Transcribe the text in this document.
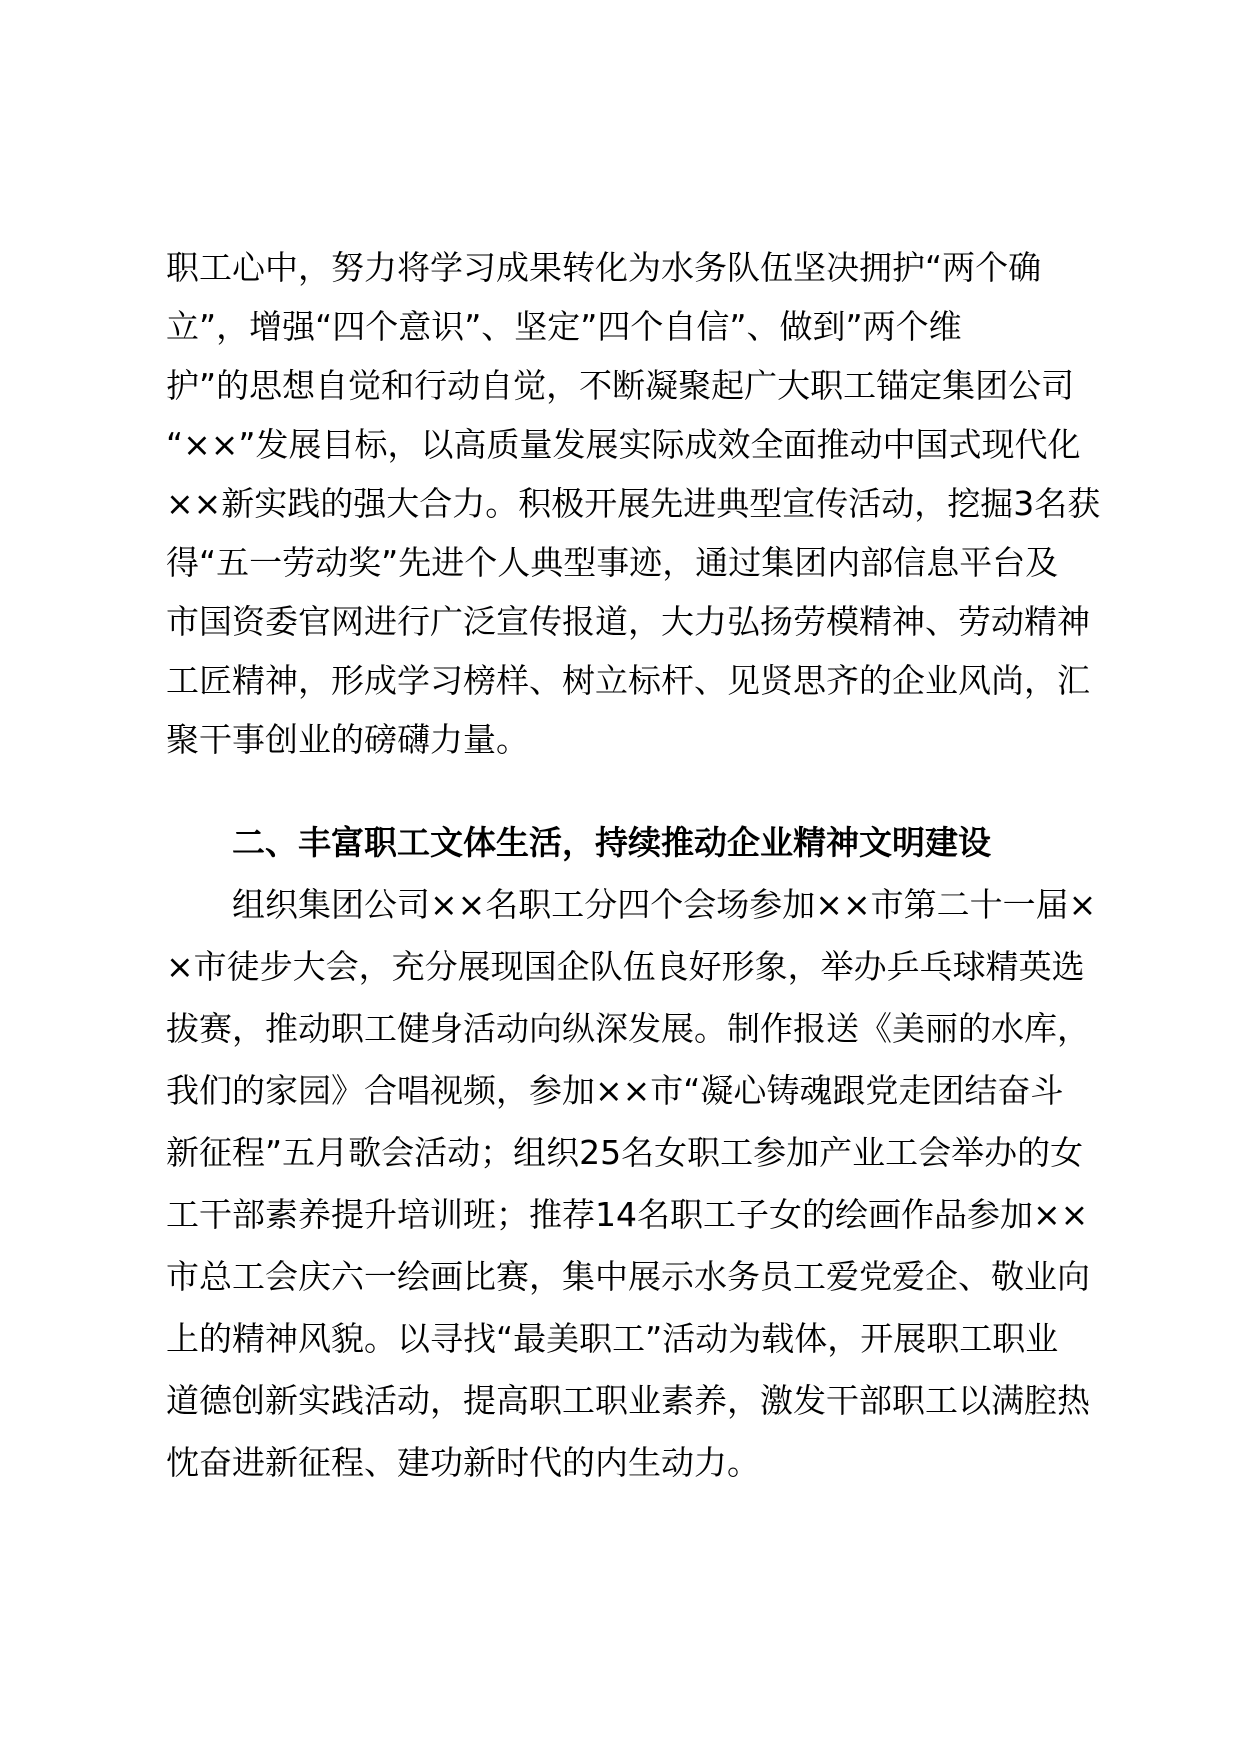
职工心中，努力将学习成果转化为水务队伍坚决拥护“两个确
立”，增强“四个意识”、坚定”四个自信”、做到”两个维
护”的思想自觉和行动自觉，不断凝聚起广大职工锚定集团公司
“××”发展目标，以高质量发展实际成效全面推动中国式现代化
××新实践的强大合力。积极开展先进典型宣传活动，挖掘3名获
得“五一劳动奖”先进个人典型事迹，通过集团内部信息平台及
市国资委官网进行广泛宣传报道，大力弘扬劳模精神、劳动精神
工匠精神，形成学习榜样、树立标杆、见贤思齐的企业风尚，汇
聚干事创业的磅礴力量。
二、丰富职工文体生活，持续推动企业精神文明建设
组织集团公司××名职工分四个会场参加××市第二十一届×
×市徒步大会，充分展现国企队伍良好形象，举办乒乓球精英选
拔赛，推动职工健身活动向纵深发展。制作报送《美丽的水库，
我们的家园》合唱视频，参加××市“凝心铸魂跟党走团结奋斗
新征程”五月歌会活动；组织25名女职工参加产业工会举办的女
工干部素养提升培训班；推荐14名职工子女的绘画作品参加××
市总工会庆六一绘画比赛，集中展示水务员工爱党爱企、敬业向
上的精神风貌。以寻找“最美职工”活动为载体，开展职工职业
道德创新实践活动，提高职工职业素养，激发干部职工以满腔热
忱奋进新征程、建功新时代的内生动力。
